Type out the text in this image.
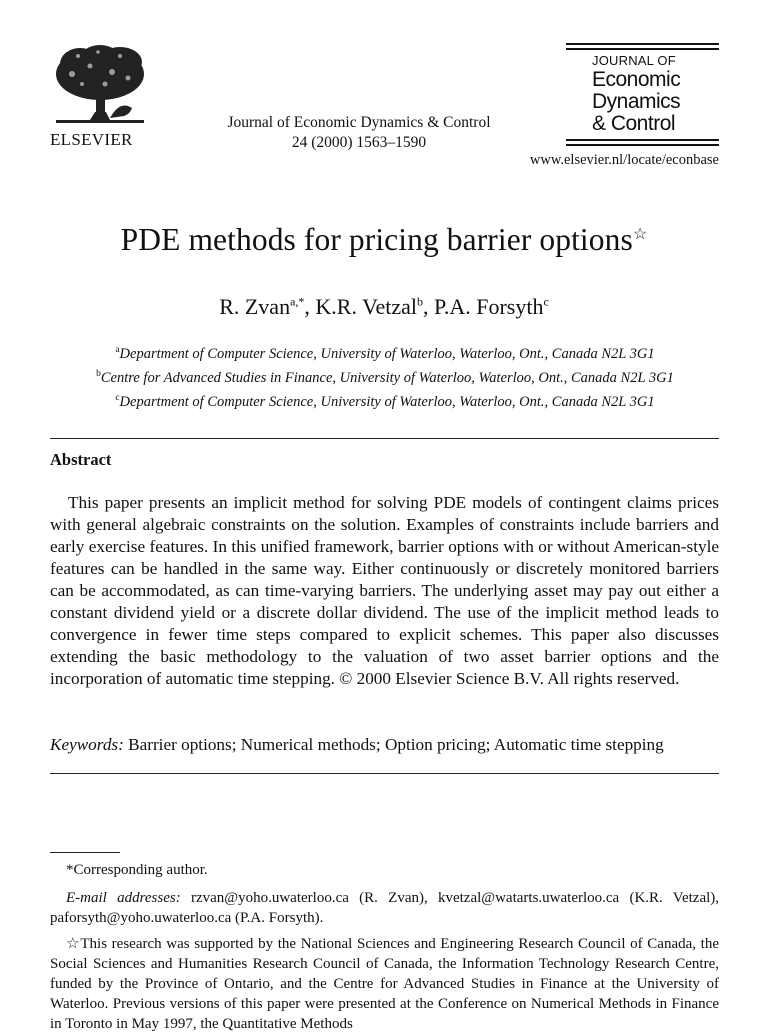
ELSEVIER
Journal of Economic Dynamics & Control
24 (2000) 1563–1590
JOURNAL OF
Economic
Dynamics
& Control
www.elsevier.nl/locate/econbase
PDE methods for pricing barrier options☆
R. Zvan$^{a,*}$, K.R. Vetzal$^b$, P.A. Forsyth$^c$
$^a$Department of Computer Science, University of Waterloo, Waterloo, Ont., Canada N2L 3G1
$^b$Centre for Advanced Studies in Finance, University of Waterloo, Waterloo, Ont., Canada N2L 3G1
$^c$Department of Computer Science, University of Waterloo, Waterloo, Ont., Canada N2L 3G1
Abstract
This paper presents an implicit method for solving PDE models of contingent claims prices with general algebraic constraints on the solution. Examples of constraints include barriers and early exercise features. In this unified framework, barrier options with or without American-style features can be handled in the same way. Either continuously or discretely monitored barriers can be accommodated, as can time-varying barriers. The underlying asset may pay out either a constant dividend yield or a discrete dollar dividend. The use of the implicit method leads to convergence in fewer time steps compared to explicit schemes. This paper also discusses extending the basic methodology to the valuation of two asset barrier options and the incorporation of automatic time stepping. © 2000 Elsevier Science B.V. All rights reserved.
Keywords: Barrier options; Numerical methods; Option pricing; Automatic time stepping
*Corresponding author.
E-mail addresses: rzvan@yoho.uwaterloo.ca (R. Zvan), kvetzal@watarts.uwaterloo.ca (K.R. Vetzal), paforsyth@yoho.uwaterloo.ca (P.A. Forsyth).
☆This research was supported by the National Sciences and Engineering Research Council of Canada, the Social Sciences and Humanities Research Council of Canada, the Information Technology Research Centre, funded by the Province of Ontario, and the Centre for Advanced Studies in Finance at the University of Waterloo. Previous versions of this paper were presented at the Conference on Numerical Methods in Finance in Toronto in May 1997, the Quantitative Methods
